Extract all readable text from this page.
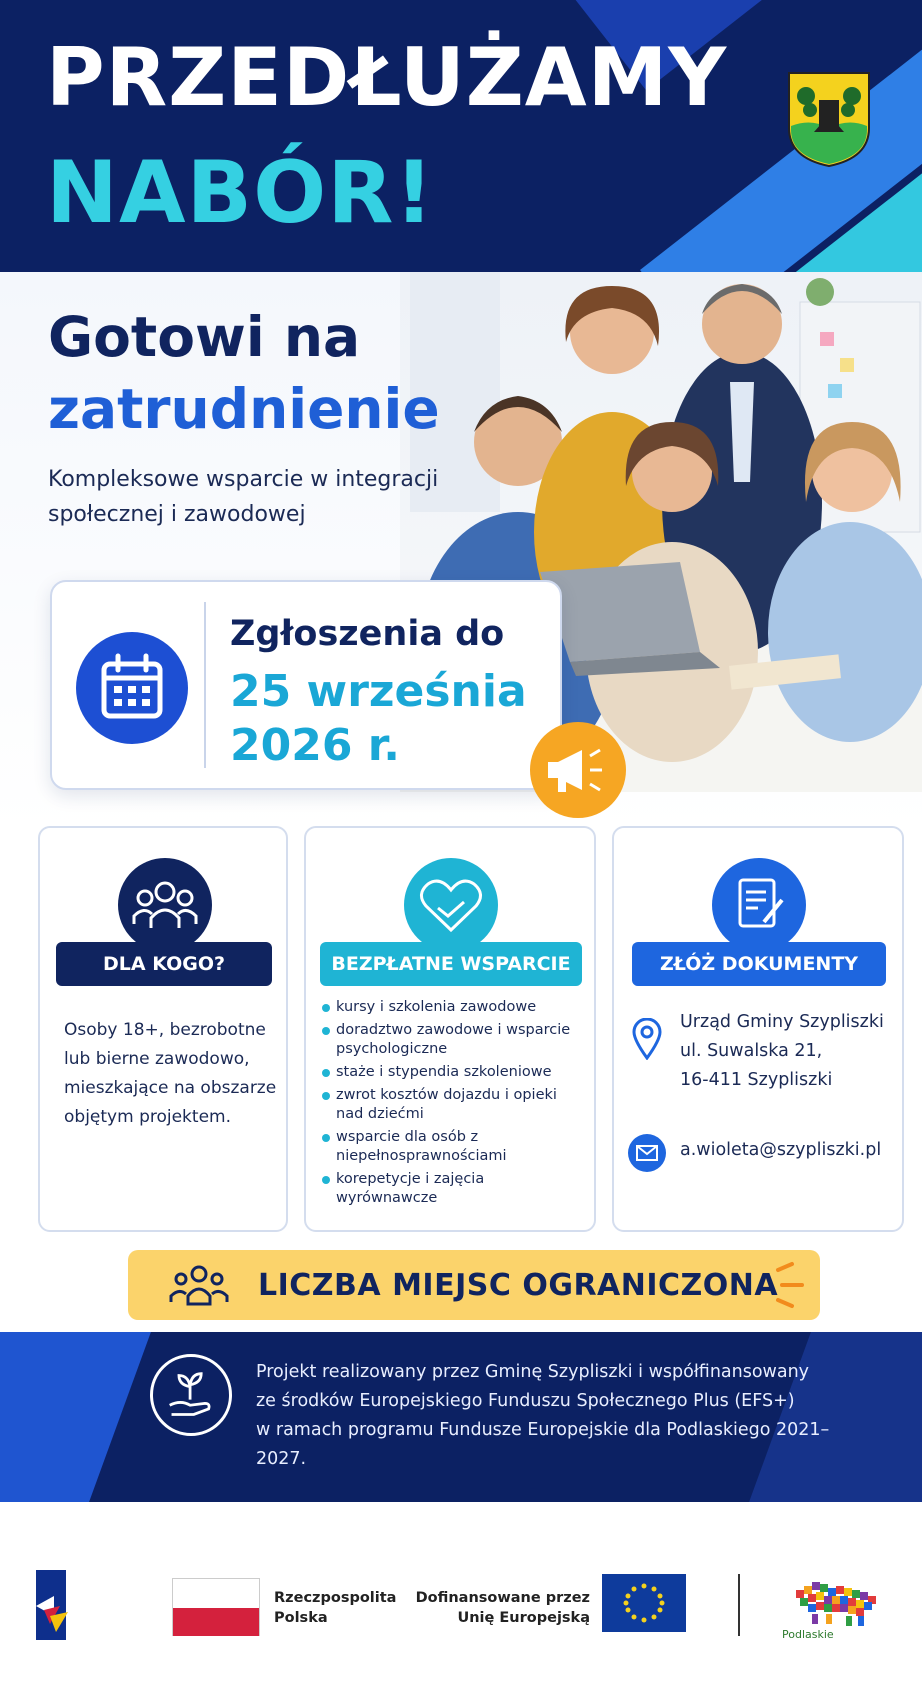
PRZEDŁUŻAMY
NABÓR!
Gotowi na
zatrudnienie
Kompleksowe wsparcie w integracji społecznej i zawodowej
Zgłoszenia do
25 września
2026 r.
DLA KOGO?
Osoby 18+, bezrobotne lub bierne zawodowo, mieszkające na obszarze objętym projektem.
BEZPŁATNE WSPARCIE
kursy i szkolenia zawodowe
doradztwo zawodowe i wsparcie psychologiczne
staże i stypendia szkoleniowe
zwrot kosztów dojazdu i opieki nad dziećmi
wsparcie dla osób z niepełnosprawnościami
korepetycje i zajęcia wyrównawcze
ZŁÓŻ DOKUMENTY
Urząd Gminy Szypliszki
ul. Suwalska 21,
16-411 Szypliszki
a.wioleta@szypliszki.pl
LICZBA MIEJSC OGRANICZONA
Projekt realizowany przez Gminę Szypliszki i współfinansowany
ze środków Europejskiego Funduszu Społecznego Plus (EFS+)
w ramach programu Fundusze Europejskie dla Podlaskiego 2021–2027.
Rzeczpospolita
Polska
Dofinansowane przez
Unię Europejską
Podlaskie
